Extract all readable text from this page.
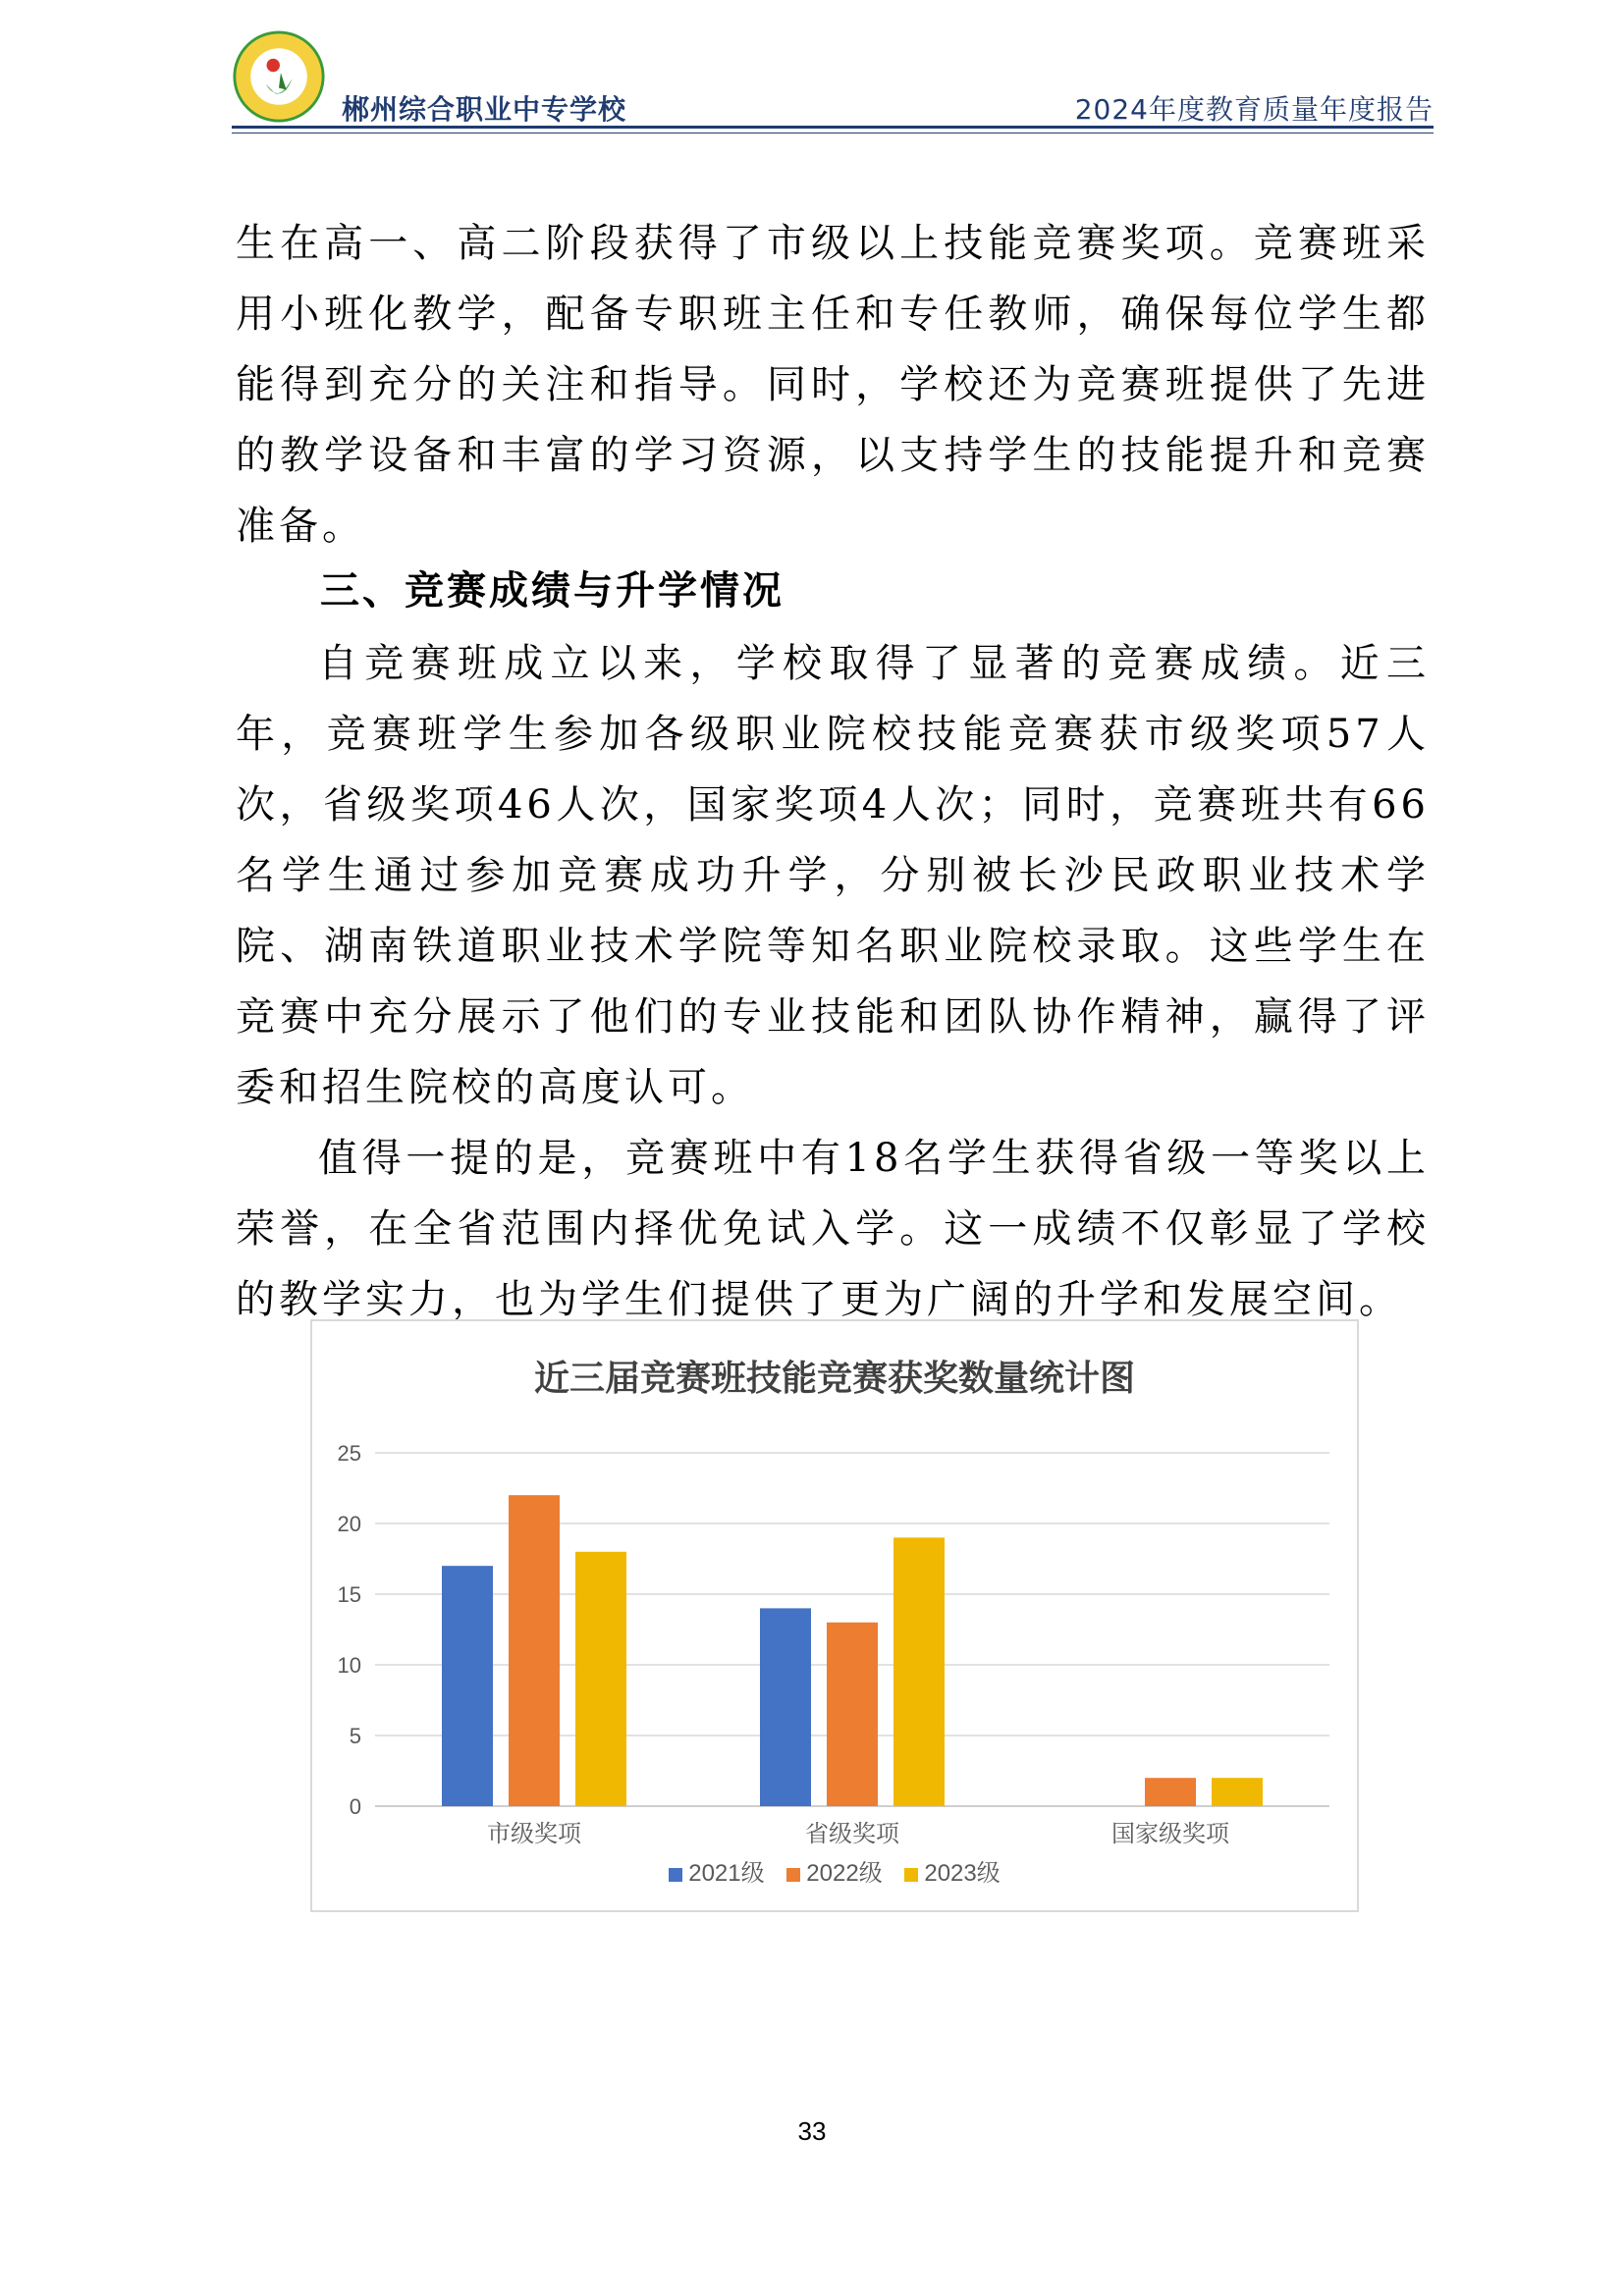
郴州综合职业中专学校	2024年度教育质量年度报告

生在高一、高二阶段获得了市级以上技能竞赛奖项。竞赛班采用小班化教学，配备专职班主任和专任教师，确保每位学生都能得到充分的关注和指导。同时，学校还为竞赛班提供了先进的教学设备和丰富的学习资源，以支持学生的技能提升和竞赛准备。

三、竞赛成绩与升学情况

自竞赛班成立以来，学校取得了显著的竞赛成绩。近三年，竞赛班学生参加各级职业院校技能竞赛获市级奖项57人次，省级奖项46人次，国家奖项4人次；同时，竞赛班共有66名学生通过参加竞赛成功升学，分别被长沙民政职业技术学院、湖南铁道职业技术学院等知名职业院校录取。这些学生在竞赛中充分展示了他们的专业技能和团队协作精神，赢得了评委和招生院校的高度认可。

值得一提的是，竞赛班中有18名学生获得省级一等奖以上荣誉，在全省范围内择优免试入学。这一成绩不仅彰显了学校的教学实力，也为学生们提供了更为广阔的升学和发展空间。

近三届竞赛班技能竞赛获奖数量统计图
0
5
10
15
20
25
市级奖项	省级奖项	国家级奖项
2021级 2022级 2023级
33
